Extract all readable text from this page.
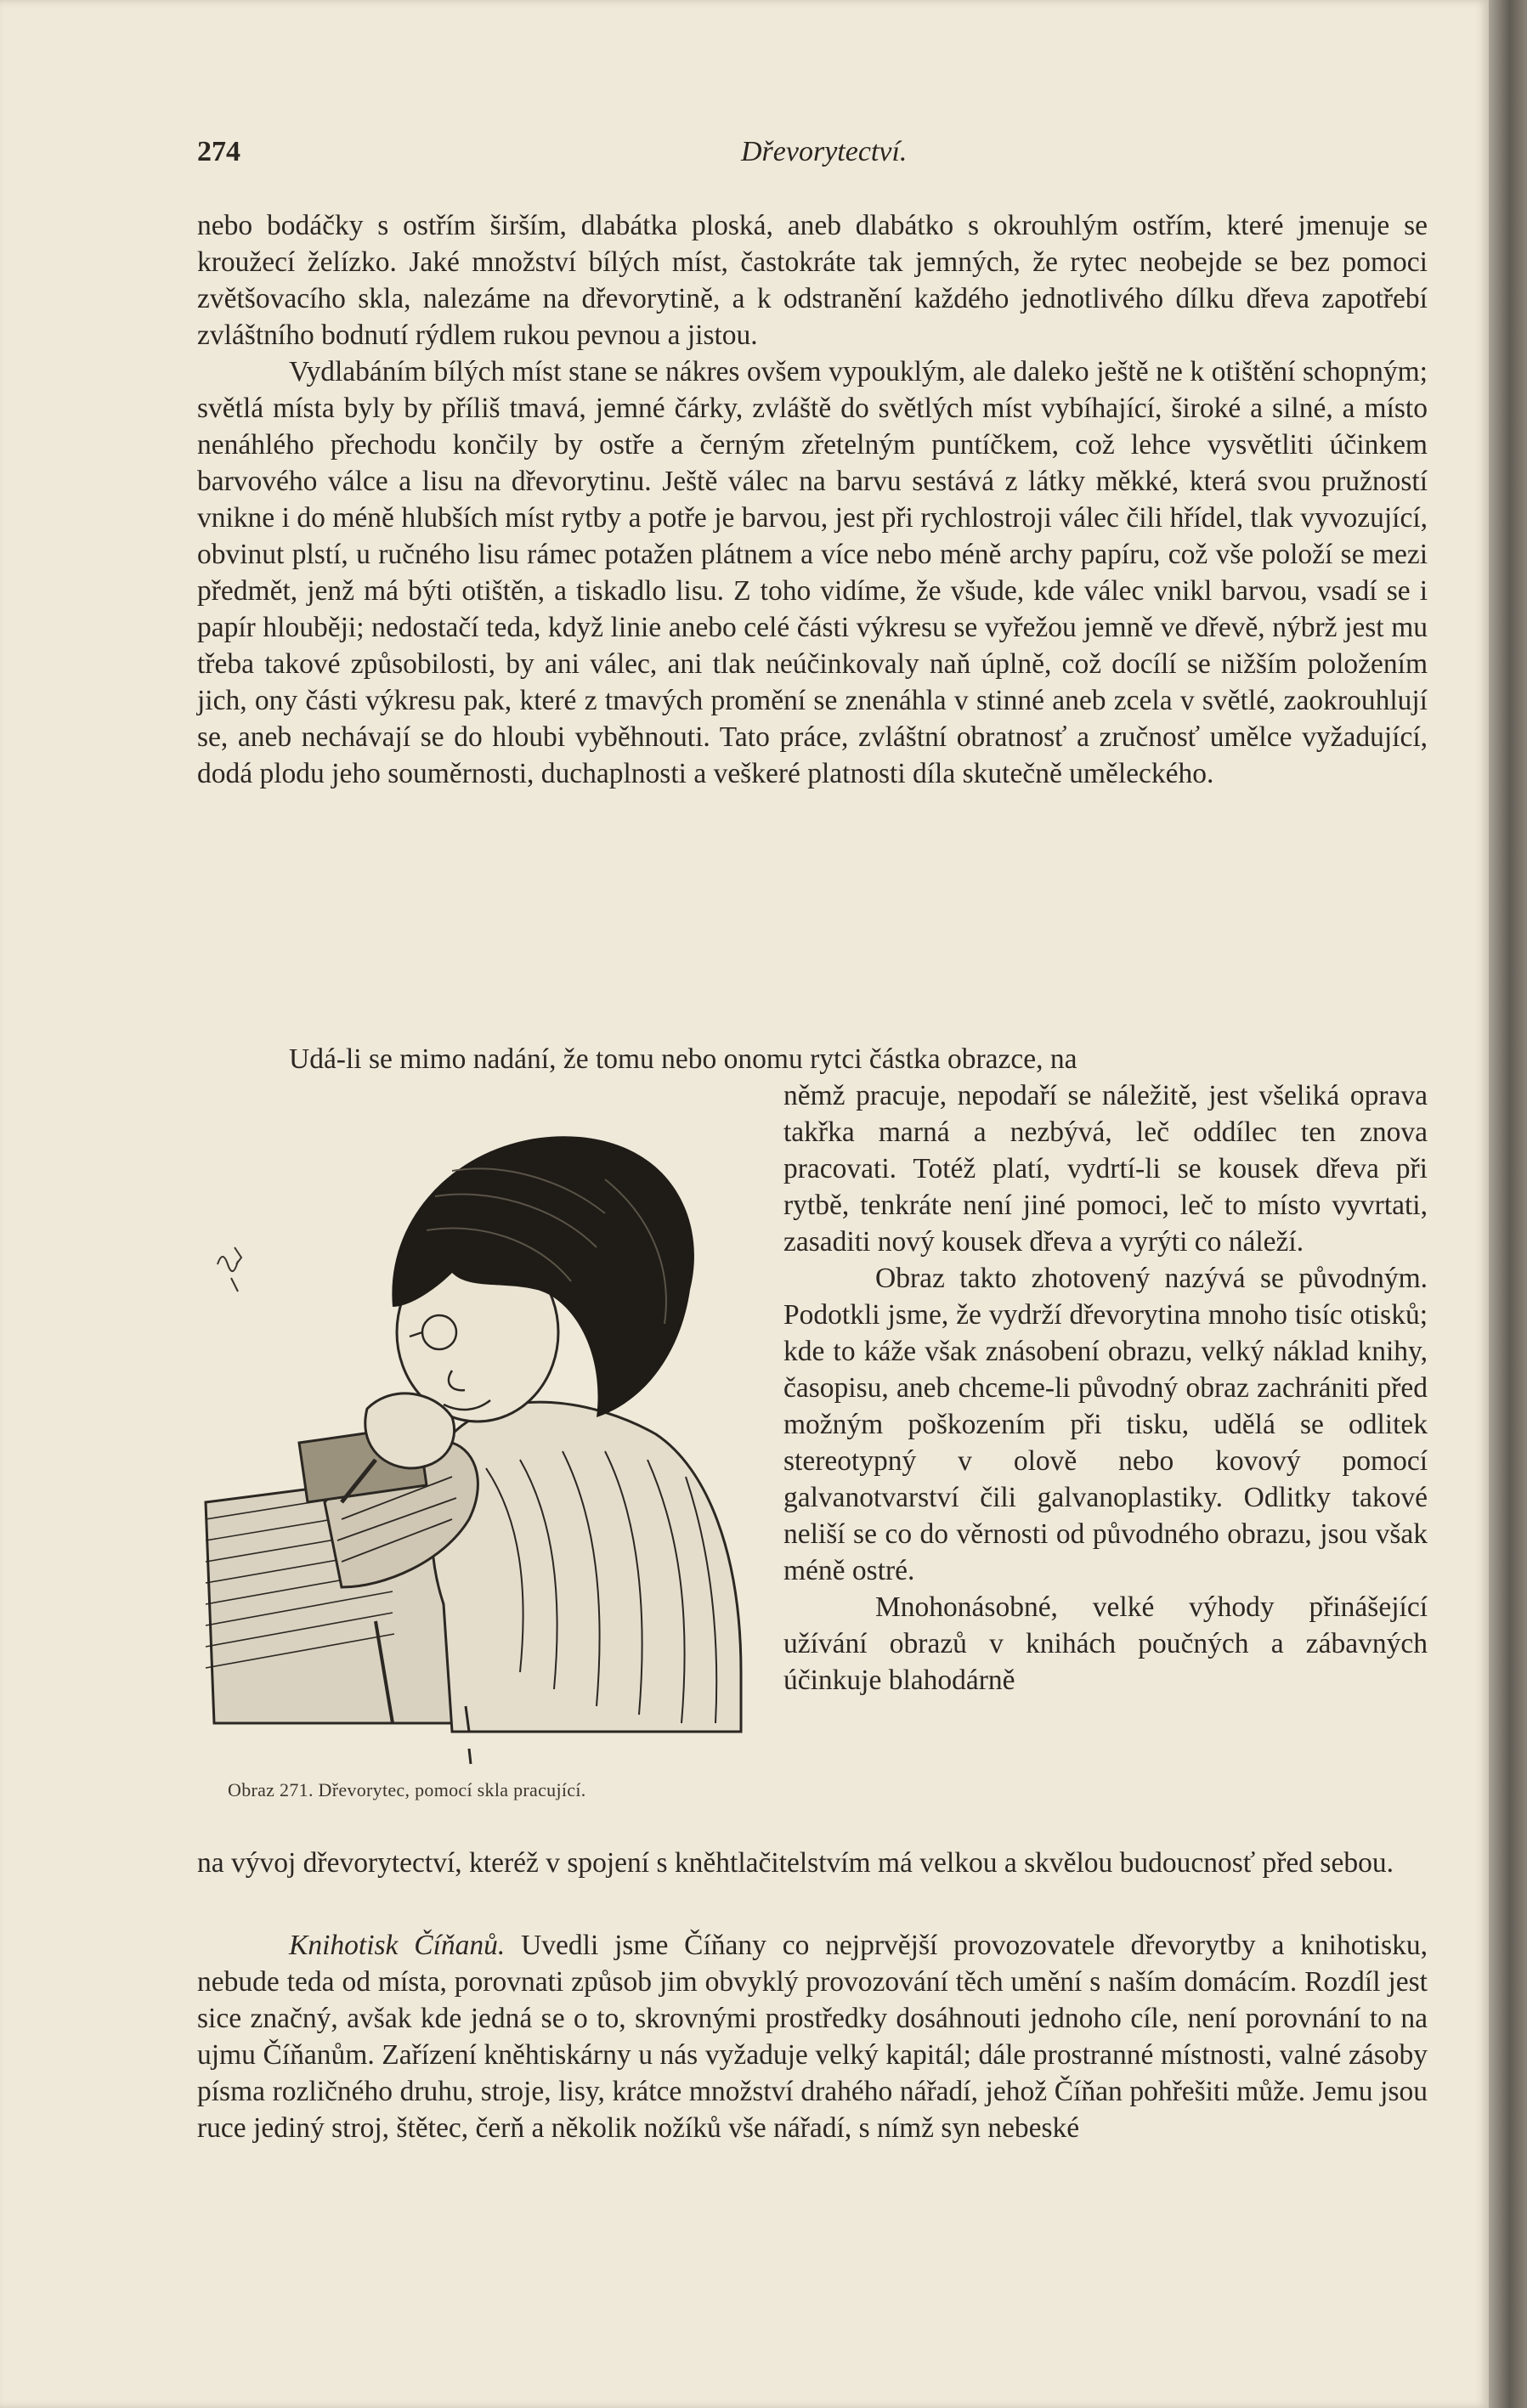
274	Dřevorytectví.

nebo bodáčky s ostřím širším, dlabátka ploská, aneb dlabátko s okrouhlým ostřím, které jmenuje se kroužecí želízko. Jaké množství bílých míst, častokráte tak jemných, že rytec neobejde se bez pomoci zvětšovacího skla, nalezáme na dřevorytině, a k odstranění každého jednotlivého dílku dřeva zapotřebí zvláštního bodnutí rýdlem rukou pevnou a jistou.

Vydlabáním bílých míst stane se nákres ovšem vypouklým, ale daleko ještě ne k otištění schopným; světlá místa byly by příliš tmavá, jemné čárky, zvláště do světlých míst vybíhající, široké a silné, a místo nenáhlého přechodu končily by ostře a černým zřetelným puntíčkem, což lehce vysvětliti účinkem barvového válce a lisu na dřevorytinu. Ještě válec na barvu sestává z látky měkké, která svou pružností vnikne i do méně hlubších míst rytby a potře je barvou, jest při rychlostroji válec čili hřídel, tlak vyvozující, obvinut plstí, u ručného lisu rámec potažen plátnem a více nebo méně archy papíru, což vše položí se mezi předmět, jenž má býti otištěn, a tiskadlo lisu. Z toho vidíme, že všude, kde válec vnikl barvou, vsadí se i papír hlouběji; nedostačí teda, když linie anebo celé části výkresu se vyřežou jemně ve dřevě, nýbrž jest mu třeba takové způsobilosti, by ani válec, ani tlak neúčinkovaly naň úplně, což docílí se nižším položením jich, ony části výkresu pak, které z tmavých promění se znenáhla v stinné aneb zcela v světlé, zaokrouhlují se, aneb nechávají se do hloubi vyběhnouti. Tato práce, zvláštní obratnosť a zručnosť umělce vyžadující, dodá plodu jeho souměrnosti, duchaplnosti a veškeré platnosti díla skutečně uměleckého.

Udá-li se mimo nadání, že tomu nebo onomu rytci částka obrazce, na

Obraz 271. Dřevorytec, pomocí skla pracující.

němž pracuje, nepodaří se náležitě, jest všeliká oprava takřka marná a nezbývá, leč oddílec ten znova pracovati. Totéž platí, vydrtí-li se kousek dřeva při rytbě, tenkráte není jiné pomoci, leč to místo vyvrtati, zasaditi nový kousek dřeva a vyrýti co náleží.

Obraz takto zhotovený nazývá se původným. Podotkli jsme, že vydrží dřevorytina mnoho tisíc otisků; kde to káže však znásobení obrazu, velký náklad knihy, časopisu, aneb chceme-li původný obraz zachrániti před možným poškozením při tisku, udělá se odlitek stereotypný v olově nebo kovový pomocí galvanotvarství čili galvanoplastiky. Odlitky takové neliší se co do věrnosti od původného obrazu, jsou však méně ostré.

Mnohonásobné, velké výhody přinášející užívání obrazů v knihách poučných a zábavných účinkuje blahodárně

na vývoj dřevorytectví, kteréž v spojení s kněhtlačitelstvím má velkou a skvělou budoucnosť před sebou.

Knihotisk Číňanů. Uvedli jsme Číňany co nejprvější provozovatele dřevorytby a knihotisku, nebude teda od místa, porovnati způsob jim obvyklý provozování těch umění s naším domácím. Rozdíl jest sice značný, avšak kde jedná se o to, skrovnými prostředky dosáhnouti jednoho cíle, není porovnání to na ujmu Číňanům. Zařízení kněhtiskárny u nás vyžaduje velký kapitál; dále prostranné místnosti, valné zásoby písma rozličného druhu, stroje, lisy, krátce množství drahého nářadí, jehož Číňan pohřešiti může. Jemu jsou ruce jediný stroj, štětec, čerň a několik nožíků vše nářadí, s nímž syn nebeské
